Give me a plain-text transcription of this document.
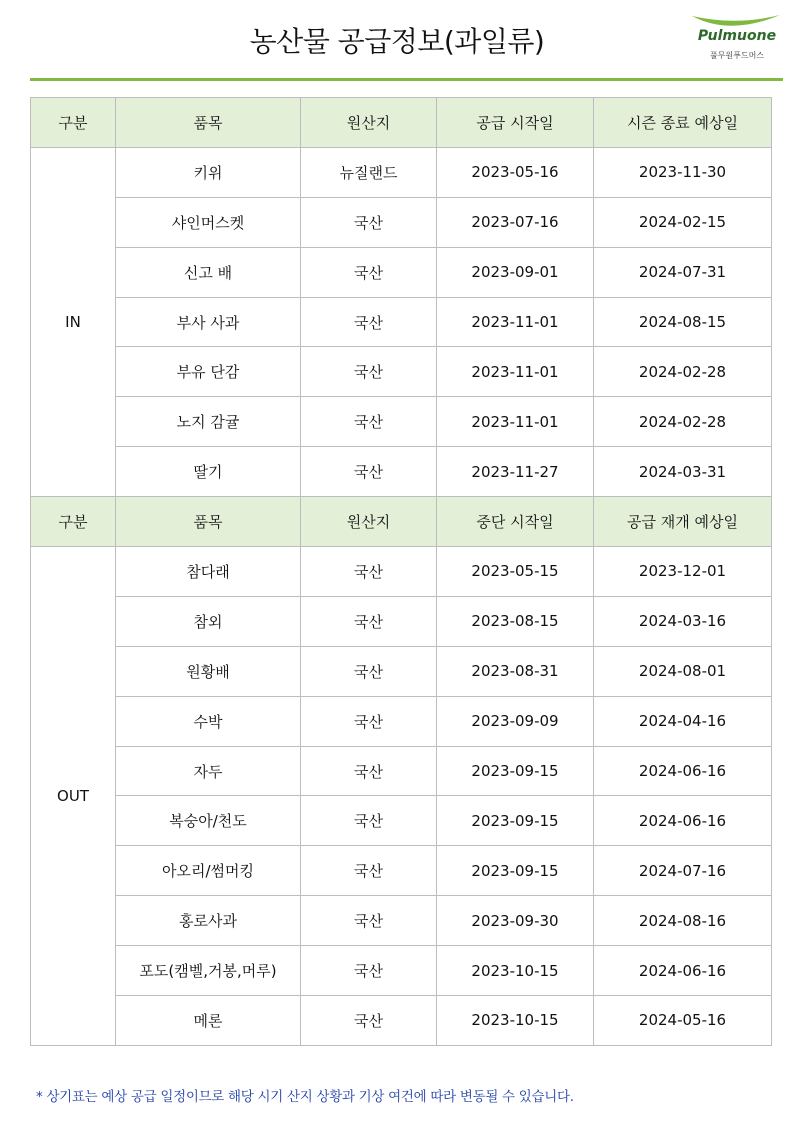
농산물 공급정보(과일류)	Pulmuone
풀무원푸드머스
구분	품목	원산지	공급 시작일	시즌 종료 예상일
IN	키위	뉴질랜드	2023-05-16	2023-11-30
	샤인머스켓	국산	2023-07-16	2024-02-15
	신고 배	국산	2023-09-01	2024-07-31
	부사 사과	국산	2023-11-01	2024-08-15
	부유 단감	국산	2023-11-01	2024-02-28
	노지 감귤	국산	2023-11-01	2024-02-28
	딸기	국산	2023-11-27	2024-03-31
구분	품목	원산지	중단 시작일	공급 재개 예상일
OUT	참다래	국산	2023-05-15	2023-12-01
	참외	국산	2023-08-15	2024-03-16
	원황배	국산	2023-08-31	2024-08-01
	수박	국산	2023-09-09	2024-04-16
	자두	국산	2023-09-15	2024-06-16
	복숭아/천도	국산	2023-09-15	2024-06-16
	아오리/썸머킹	국산	2023-09-15	2024-07-16
	홍로사과	국산	2023-09-30	2024-08-16
	포도(캠벨,거봉,머루)	국산	2023-10-15	2024-06-16
	메론	국산	2023-10-15	2024-05-16
* 상기표는 예상 공급 일정이므로 해당 시기 산지 상황과 기상 여건에 따라 변동될 수 있습니다.
